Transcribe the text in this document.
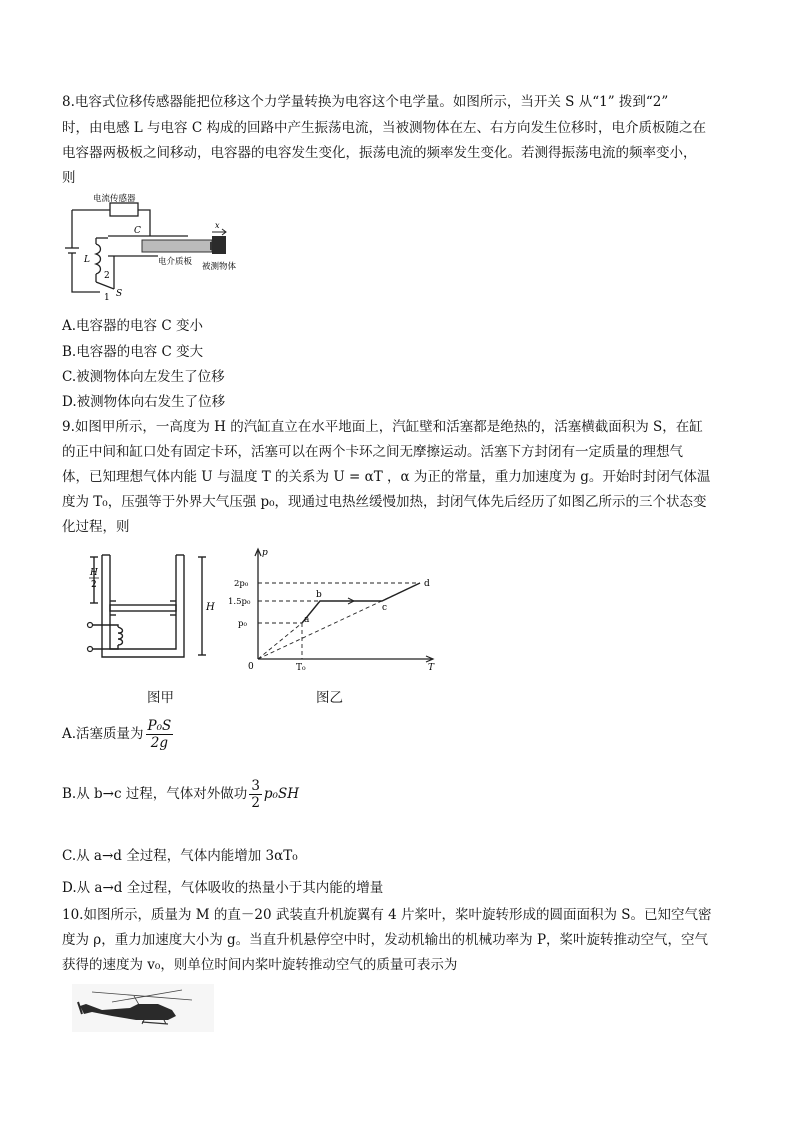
8.电容式位移传感器能把位移这个力学量转换为电容这个电学量。如图所示，当开关 S 从“1” 拨到“2”
时，由电感 L 与电容 C 构成的回路中产生振荡电流，当被测物体在左、右方向发生位移时，电介质板随之在
电容器两极板之间移动，电容器的电容发生变化，振荡电流的频率发生变化。若测得振荡电流的频率变小，
则
电流传感器
C
x
L	电介质板 被测物体
2
1 S
A.电容器的电容 C 变小
B.电容器的电容 C 变大
C.被测物体向左发生了位移
D.被测物体向右发生了位移
9.如图甲所示，一高度为 H 的汽缸直立在水平地面上，汽缸壁和活塞都是绝热的，活塞横截面积为 S，在缸
的正中间和缸口处有固定卡环，活塞可以在两个卡环之间无摩擦运动。活塞下方封闭有一定质量的理想气
体，已知理想气体内能 U 与温度 T 的关系为 U = αT ，α 为正的常量，重力加速度为 g。开始时封闭气体温
度为 T₀，压强等于外界大气压强 p₀，现通过电热丝缓慢加热，封闭气体先后经历了如图乙所示的三个状态变
化过程，则
H
2
H
图甲
p
T
0	T₀
2p₀
1.5p₀
p₀	a
b
c
d
图乙
A.活塞质量为 $\frac{\text{P₀S}}{2g}$
B.从 b→c 过程，气体对外做功 $\frac{3}{2} p_0SH$
C.从 a→d 全过程，气体内能增加 3αT₀
D.从 a→d 全过程，气体吸收的热量小于其内能的增量
10.如图所示，质量为 M 的直－20 武装直升机旋翼有 4 片桨叶，桨叶旋转形成的圆面面积为 S。已知空气密
度为 ρ，重力加速度大小为 g。当直升机悬停空中时，发动机输出的机械功率为 P，桨叶旋转推动空气，空气
获得的速度为 v₀，则单位时间内桨叶旋转推动空气的质量可表示为
